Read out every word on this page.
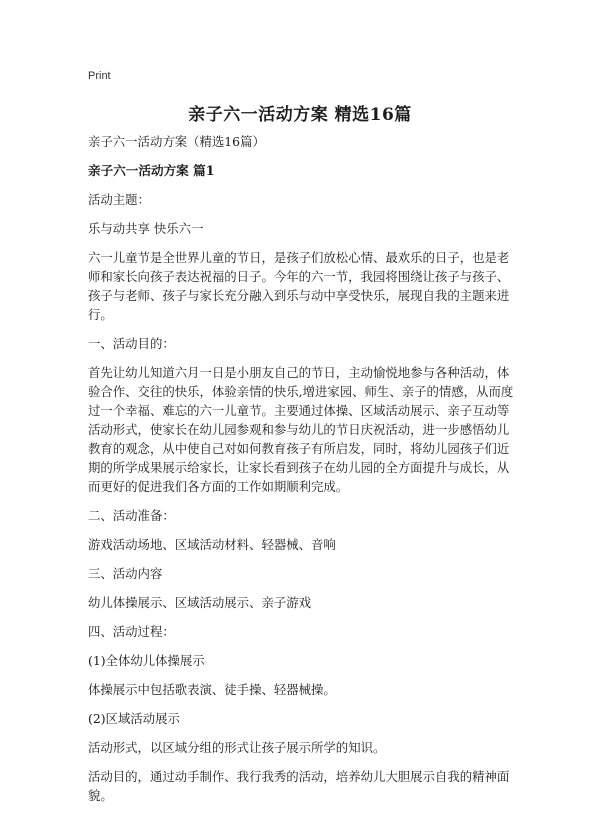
Print
亲子六一活动方案 精选16篇

亲子六一活动方案（精选16篇）

亲子六一活动方案 篇1

活动主题：

乐与动共享 快乐六一

六一儿童节是全世界儿童的节日，是孩子们放松心情、最欢乐的日子，也是老师和家长向孩子表达祝福的日子。今年的六一节，我园将围绕让孩子与孩子、孩子与老师、孩子与家长充分融入到乐与动中享受快乐，展现自我的主题来进行。

一、活动目的：

首先让幼儿知道六月一日是小朋友自己的节日，主动愉悦地参与各种活动，体验合作、交往的快乐，体验亲情的快乐,增进家园、师生、亲子的情感，从而度过一个幸福、难忘的六一儿童节。主要通过体操、区域活动展示、亲子互动等活动形式，使家长在幼儿园参观和参与幼儿的节日庆祝活动，进一步感悟幼儿教育的观念，从中使自己对如何教育孩子有所启发，同时，将幼儿园孩子们近期的所学成果展示给家长，让家长看到孩子在幼儿园的全方面提升与成长，从而更好的促进我们各方面的工作如期顺利完成。

二、活动准备：

游戏活动场地、区域活动材料、轻器械、音响

三、活动内容

幼儿体操展示、区域活动展示、亲子游戏

四、活动过程：

(1)全体幼儿体操展示

体操展示中包括歌表演、徒手操、轻器械操。

(2)区域活动展示

活动形式，以区域分组的形式让孩子展示所学的知识。

活动目的，通过动手制作、我行我秀的活动，培养幼儿大胆展示自我的精神面貌。
